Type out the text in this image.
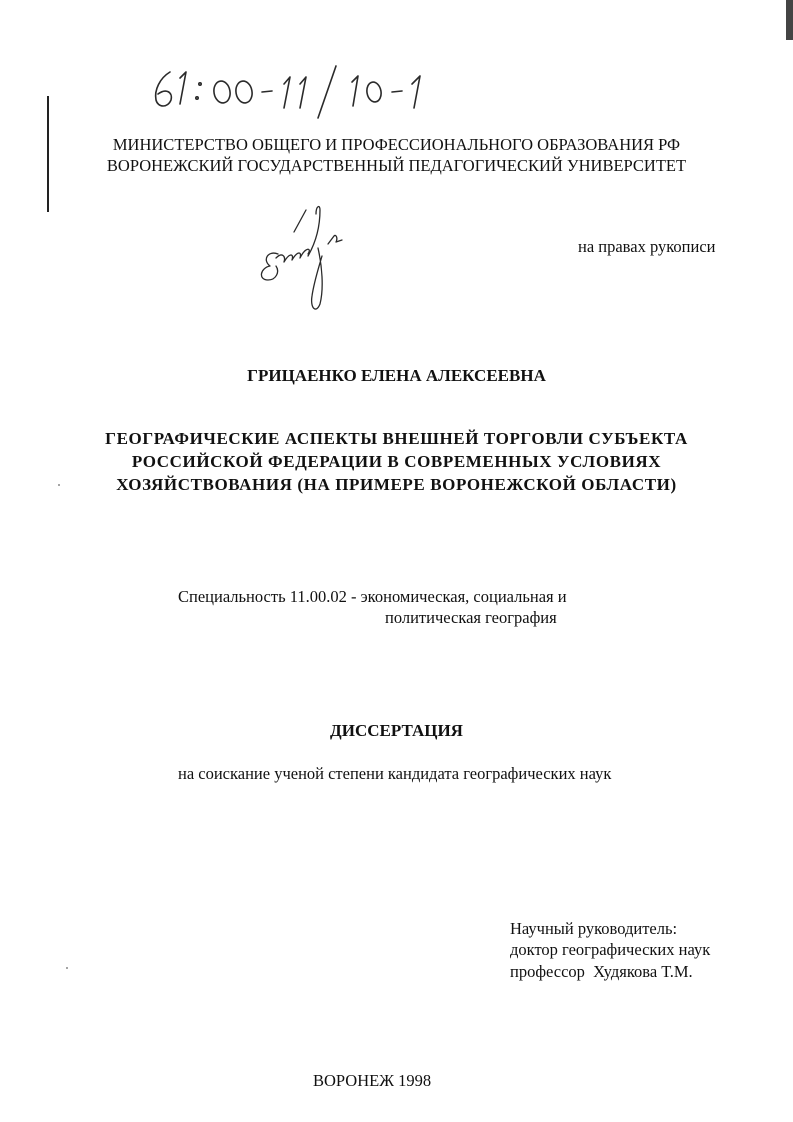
МИНИСТЕРСТВО ОБЩЕГО И ПРОФЕССИОНАЛЬНОГО ОБРАЗОВАНИЯ РФ
ВОРОНЕЖСКИЙ ГОСУДАРСТВЕННЫЙ ПЕДАГОГИЧЕСКИЙ УНИВЕРСИТЕТ
на правах рукописи
ГРИЦАЕНКО ЕЛЕНА АЛЕКСЕЕВНА
ГЕОГРАФИЧЕСКИЕ АСПЕКТЫ ВНЕШНЕЙ ТОРГОВЛИ СУБЪЕКТА
РОССИЙСКОЙ ФЕДЕРАЦИИ В СОВРЕМЕННЫХ УСЛОВИЯХ
ХОЗЯЙСТВОВАНИЯ (НА ПРИМЕРЕ ВОРОНЕЖСКОЙ ОБЛАСТИ)
Специальность 11.00.02 - экономическая, социальная и
политическая география
ДИССЕРТАЦИЯ
на соискание ученой степени кандидата географических наук
Научный руководитель:
доктор географических наук
профессор  Худякова Т.М.
ВОРОНЕЖ 1998
